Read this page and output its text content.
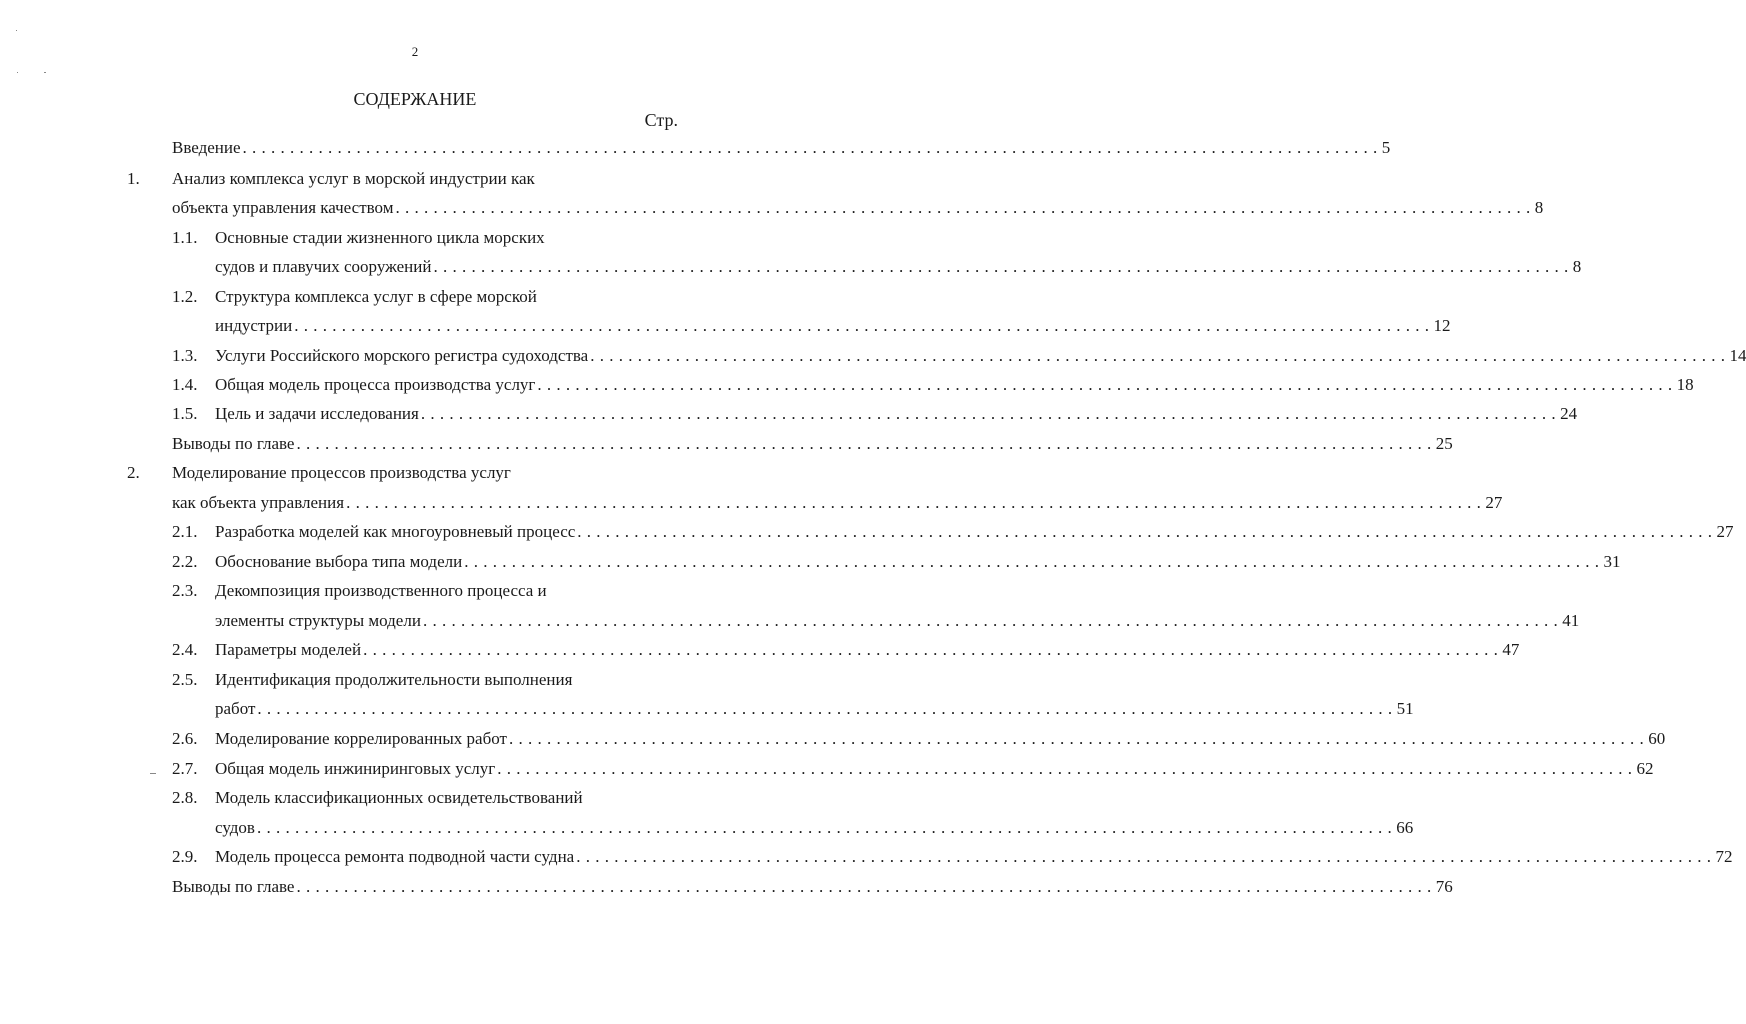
2
СОДЕРЖАНИЕ
Стр.
Введение . . . . . . . . . . . . . . . . . . . . . . . . . . . . . . . . . . . . . . . . . . . . . . . . . . . . . . . . . . . . . . . . . . . . . . . . . . . . . . . . . . . . . . . . . . . . . . . . . . . . . . . . . . . . . . . . . . . . . . . . 5
1. Анализ комплекса услуг в морской индустрии как
объекта управления качеством . . . . . . . . . . . . . . . . . . . . . . . . . . . . . . . . . . . . . . . . . . . . . . . . . . . . . . . . . . . . . . . . . . . . . . . . . . . . . . . . . . . . . . . . . . . . . . . . . . . . . . . . . . . . . . . . . . . . . . . . 8
1.1. Основные стадии жизненного цикла морских
судов и плавучих сооружений . . . . . . . . . . . . . . . . . . . . . . . . . . . . . . . . . . . . . . . . . . . . . . . . . . . . . . . . . . . . . . . . . . . . . . . . . . . . . . . . . . . . . . . . . . . . . . . . . . . . . . . . . . . . . . . . . . . . . . . . 8
1.2. Структура комплекса услуг в сфере морской
индустрии . . . . . . . . . . . . . . . . . . . . . . . . . . . . . . . . . . . . . . . . . . . . . . . . . . . . . . . . . . . . . . . . . . . . . . . . . . . . . . . . . . . . . . . . . . . . . . . . . . . . . . . . . . . . . . . . . . . . . . . . 12
1.3. Услуги Российского морского регистра судоходства . . . . . . . . . . . . . . . . . . . . . . . . . . . . . . . . . . . . . . . . . . . . . . . . . . . . . . . . . . . . . . . . . . . . . . . . . . . . . . . . . . . . . . . . . . . . . . . . . . . . . . . . . . . . . . . . . . . . . . . . 14
1.4. Общая модель процесса производства услуг . . . . . . . . . . . . . . . . . . . . . . . . . . . . . . . . . . . . . . . . . . . . . . . . . . . . . . . . . . . . . . . . . . . . . . . . . . . . . . . . . . . . . . . . . . . . . . . . . . . . . . . . . . . . . . . . . . . . . . . . 18
1.5. Цель и задачи исследования . . . . . . . . . . . . . . . . . . . . . . . . . . . . . . . . . . . . . . . . . . . . . . . . . . . . . . . . . . . . . . . . . . . . . . . . . . . . . . . . . . . . . . . . . . . . . . . . . . . . . . . . . . . . . . . . . . . . . . . . 24
Выводы по главе . . . . . . . . . . . . . . . . . . . . . . . . . . . . . . . . . . . . . . . . . . . . . . . . . . . . . . . . . . . . . . . . . . . . . . . . . . . . . . . . . . . . . . . . . . . . . . . . . . . . . . . . . . . . . . . . . . . . . . . . 25
2. Моделирование процессов производства услуг
как объекта управления . . . . . . . . . . . . . . . . . . . . . . . . . . . . . . . . . . . . . . . . . . . . . . . . . . . . . . . . . . . . . . . . . . . . . . . . . . . . . . . . . . . . . . . . . . . . . . . . . . . . . . . . . . . . . . . . . . . . . . . . 27
2.1. Разработка моделей как многоуровневый процесс . . . . . . . . . . . . . . . . . . . . . . . . . . . . . . . . . . . . . . . . . . . . . . . . . . . . . . . . . . . . . . . . . . . . . . . . . . . . . . . . . . . . . . . . . . . . . . . . . . . . . . . . . . . . . . . . . . . . . . . . 27
2.2. Обоснование выбора типа модели . . . . . . . . . . . . . . . . . . . . . . . . . . . . . . . . . . . . . . . . . . . . . . . . . . . . . . . . . . . . . . . . . . . . . . . . . . . . . . . . . . . . . . . . . . . . . . . . . . . . . . . . . . . . . . . . . . . . . . . . 31
2.3. Декомпозиция производственного процесса и
элементы структуры модели . . . . . . . . . . . . . . . . . . . . . . . . . . . . . . . . . . . . . . . . . . . . . . . . . . . . . . . . . . . . . . . . . . . . . . . . . . . . . . . . . . . . . . . . . . . . . . . . . . . . . . . . . . . . . . . . . . . . . . . . 41
2.4. Параметры моделей . . . . . . . . . . . . . . . . . . . . . . . . . . . . . . . . . . . . . . . . . . . . . . . . . . . . . . . . . . . . . . . . . . . . . . . . . . . . . . . . . . . . . . . . . . . . . . . . . . . . . . . . . . . . . . . . . . . . . . . . 47
2.5. Идентификация продолжительности выполнения
работ . . . . . . . . . . . . . . . . . . . . . . . . . . . . . . . . . . . . . . . . . . . . . . . . . . . . . . . . . . . . . . . . . . . . . . . . . . . . . . . . . . . . . . . . . . . . . . . . . . . . . . . . . . . . . . . . . . . . . . . . 51
2.6. Моделирование коррелированных работ . . . . . . . . . . . . . . . . . . . . . . . . . . . . . . . . . . . . . . . . . . . . . . . . . . . . . . . . . . . . . . . . . . . . . . . . . . . . . . . . . . . . . . . . . . . . . . . . . . . . . . . . . . . . . . . . . . . . . . . . 60
2.7. Общая модель инжиниринговых услуг . . . . . . . . . . . . . . . . . . . . . . . . . . . . . . . . . . . . . . . . . . . . . . . . . . . . . . . . . . . . . . . . . . . . . . . . . . . . . . . . . . . . . . . . . . . . . . . . . . . . . . . . . . . . . . . . . . . . . . . . 62
2.8. Модель классификационных освидетельствований
судов . . . . . . . . . . . . . . . . . . . . . . . . . . . . . . . . . . . . . . . . . . . . . . . . . . . . . . . . . . . . . . . . . . . . . . . . . . . . . . . . . . . . . . . . . . . . . . . . . . . . . . . . . . . . . . . . . . . . . . . . 66
2.9. Модель процесса ремонта подводной части судна . . . . . . . . . . . . . . . . . . . . . . . . . . . . . . . . . . . . . . . . . . . . . . . . . . . . . . . . . . . . . . . . . . . . . . . . . . . . . . . . . . . . . . . . . . . . . . . . . . . . . . . . . . . . . . . . . . . . . . . . 72
Выводы по главе . . . . . . . . . . . . . . . . . . . . . . . . . . . . . . . . . . . . . . . . . . . . . . . . . . . . . . . . . . . . . . . . . . . . . . . . . . . . . . . . . . . . . . . . . . . . . . . . . . . . . . . . . . . . . . . . . . . . . . . . 76
